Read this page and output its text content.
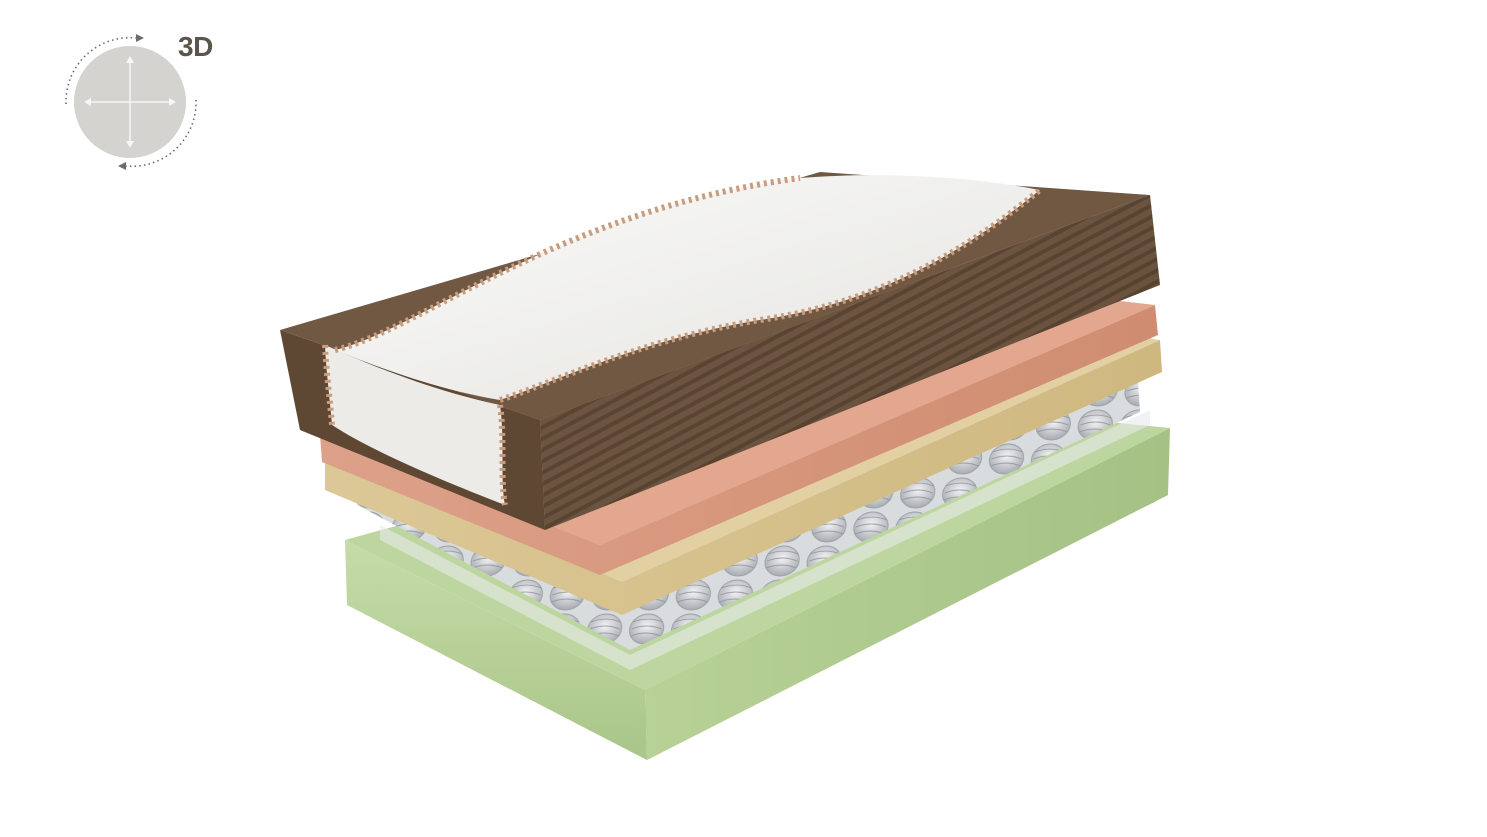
3D
